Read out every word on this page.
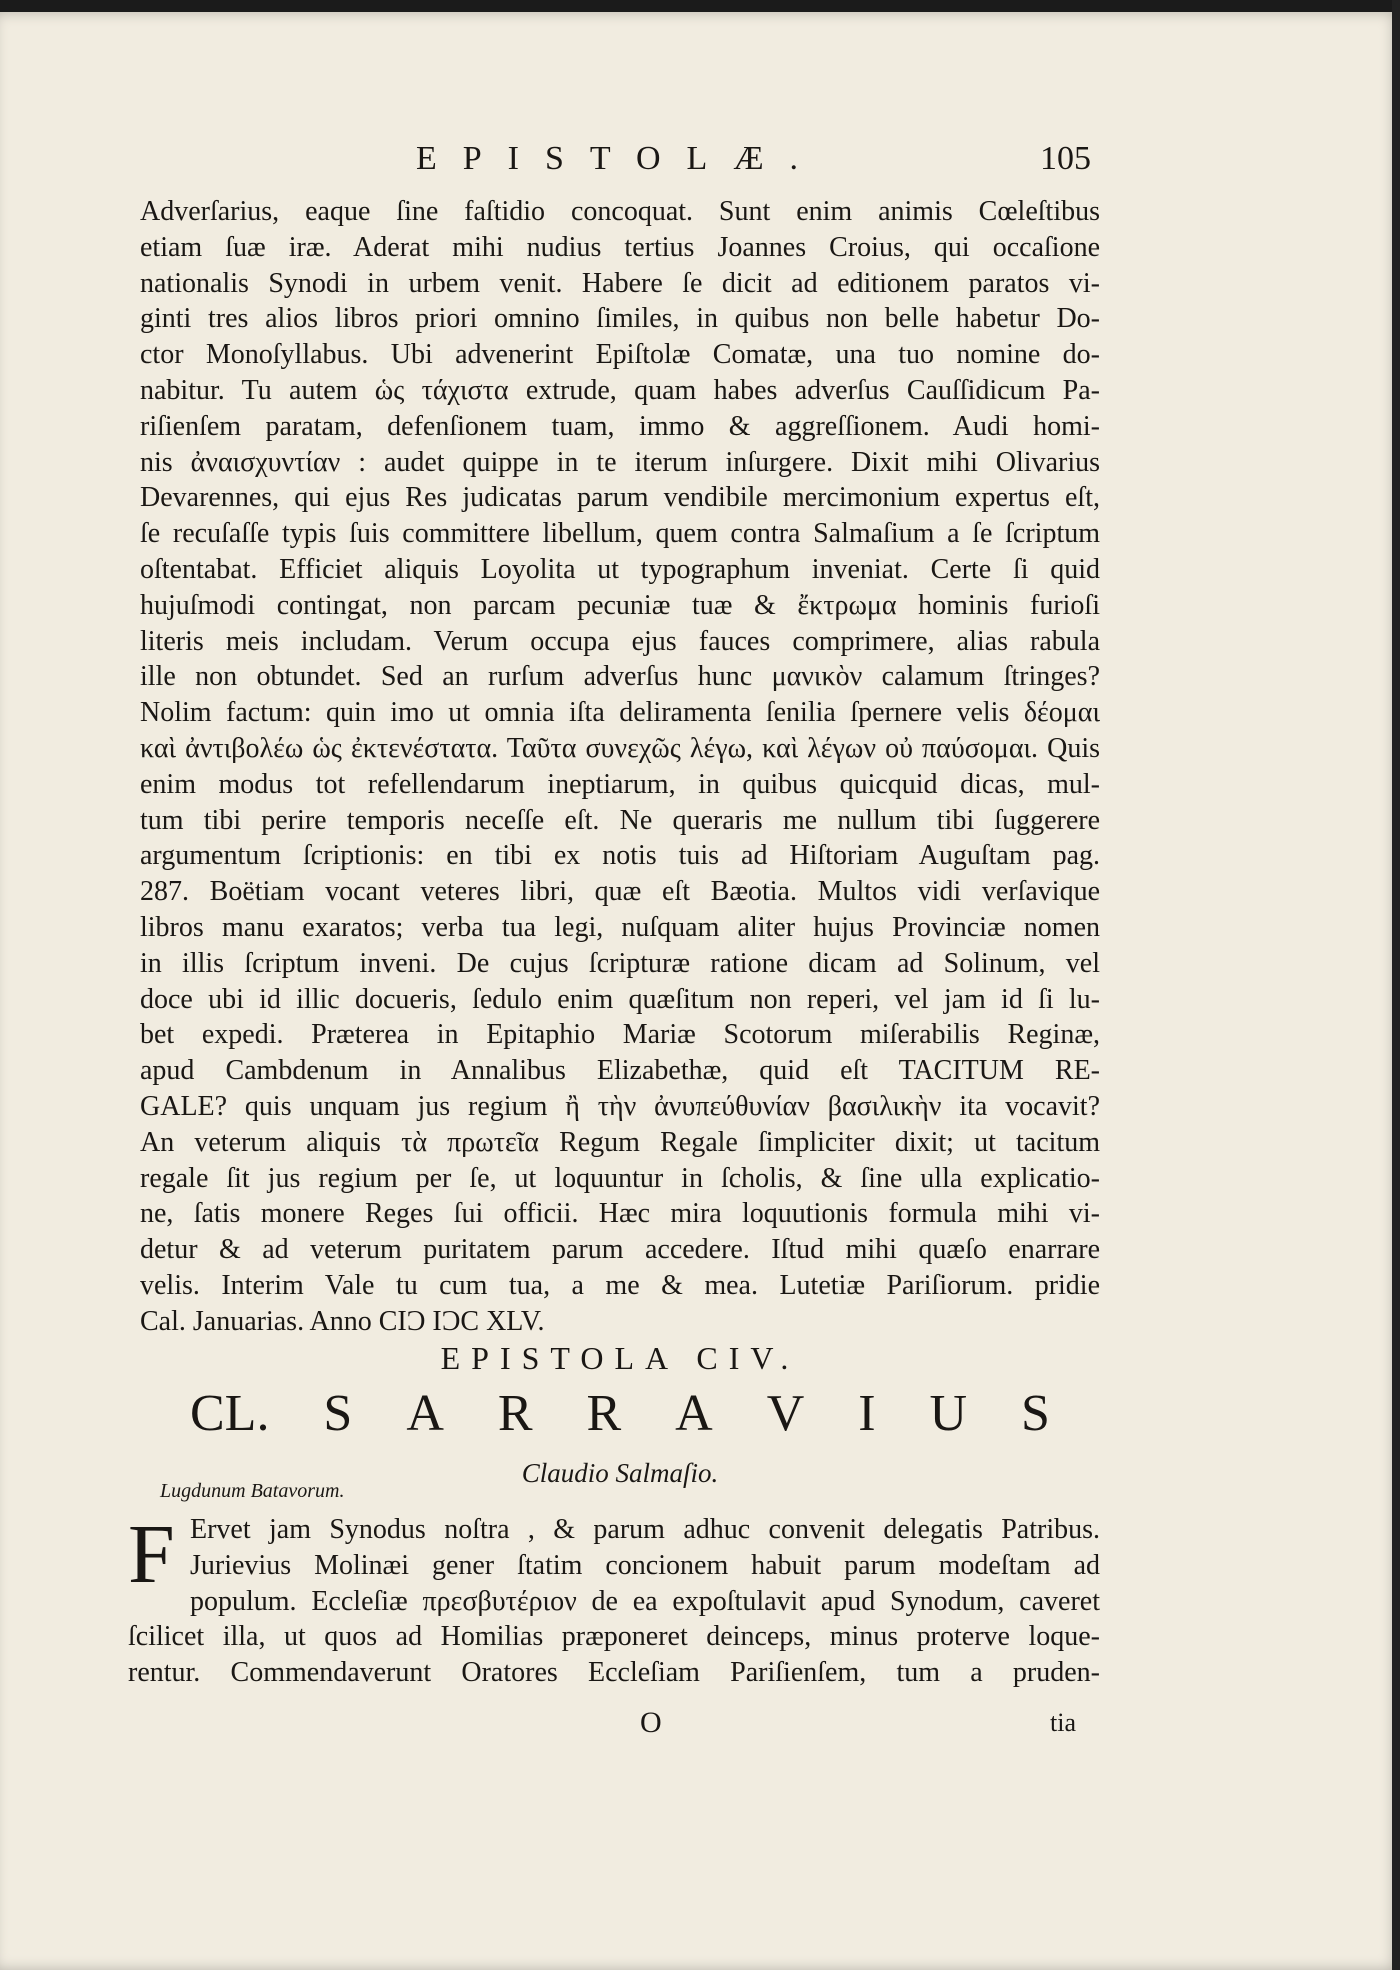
EPISTOLÆ.	105
Adverſarius, eaque ſine faſtidio concoquat. Sunt enim animis Cœleſtibus
etiam ſuæ iræ. Aderat mihi nudius tertius Joannes Croius, qui occaſione
nationalis Synodi in urbem venit. Habere ſe dicit ad editionem paratos vi-
ginti tres alios libros priori omnino ſimiles, in quibus non belle habetur Do-
ctor Monoſyllabus. Ubi advenerint Epiſtolæ Comatæ, una tuo nomine do-
nabitur. Tu autem ὡς τάχιστα extrude, quam habes adverſus Cauſſidicum Pa-
riſienſem paratam, defenſionem tuam, immo & aggreſſionem. Audi homi-
nis ἀναισχυντίαν : audet quippe in te iterum inſurgere. Dixit mihi Olivarius
Devarennes, qui ejus Res judicatas parum vendibile mercimonium expertus eſt,
ſe recuſaſſe typis ſuis committere libellum, quem contra Salmaſium a ſe ſcriptum
oſtentabat. Efficiet aliquis Loyolita ut typographum inveniat. Certe ſi quid
hujuſmodi contingat, non parcam pecuniæ tuæ & ἔκτρωμα hominis furioſi
literis meis includam. Verum occupa ejus fauces comprimere, alias rabula
ille non obtundet. Sed an rurſum adverſus hunc μανικὸν calamum ſtringes?
Nolim factum: quin imo ut omnia iſta deliramenta ſenilia ſpernere velis δέομαι
καὶ ἀντιβολέω ὡς ἐκτενέστατα. Ταῦτα συνεχῶς λέγω, καὶ λέγων οὐ παύσομαι. Quis
enim modus tot refellendarum ineptiarum, in quibus quicquid dicas, mul-
tum tibi perire temporis neceſſe eſt. Ne queraris me nullum tibi ſuggerere
argumentum ſcriptionis: en tibi ex notis tuis ad Hiſtoriam Auguſtam pag.
287. Boëtiam vocant veteres libri, quæ eſt Bæotia. Multos vidi verſavique
libros manu exaratos; verba tua legi, nuſquam aliter hujus Provinciæ nomen
in illis ſcriptum inveni. De cujus ſcripturæ ratione dicam ad Solinum, vel
doce ubi id illic docueris, ſedulo enim quæſitum non reperi, vel jam id ſi lu-
bet expedi. Præterea in Epitaphio Mariæ Scotorum miſerabilis Reginæ,
apud Cambdenum in Annalibus Elizabethæ, quid eſt TACITUM RE-
GALE? quis unquam jus regium ἢ τὴν ἀνυπεύθυνίαν βασιλικὴν ita vocavit?
An veterum aliquis τὰ πρωτεῖα Regum Regale ſimpliciter dixit; ut tacitum
regale ſit jus regium per ſe, ut loquuntur in ſcholis, & ſine ulla explicatio-
ne, ſatis monere Reges ſui officii. Hæc mira loquutionis formula mihi vi-
detur & ad veterum puritatem parum accedere. Iſtud mihi quæſo enarrare
velis. Interim Vale tu cum tua, a me & mea. Lutetiæ Pariſiorum. pridie
Cal. Januarias. Anno CIƆ IƆC XLV.
EPISTOLA CIV.
CL. S A R R A V I U S
Claudio Salmaſio.
Lugdunum Batavorum.
F Ervet jam Synodus noſtra , & parum adhuc convenit delegatis Patribus.
Jurievius Molinæi gener ſtatim concionem habuit parum modeſtam ad
populum. Eccleſiæ πρεσβυτέριον de ea expoſtulavit apud Synodum, caveret
ſcilicet illa, ut quos ad Homilias præponeret deinceps, minus proterve loque-
rentur. Commendaverunt Oratores Eccleſiam Pariſienſem, tum a pruden-
O	tia
